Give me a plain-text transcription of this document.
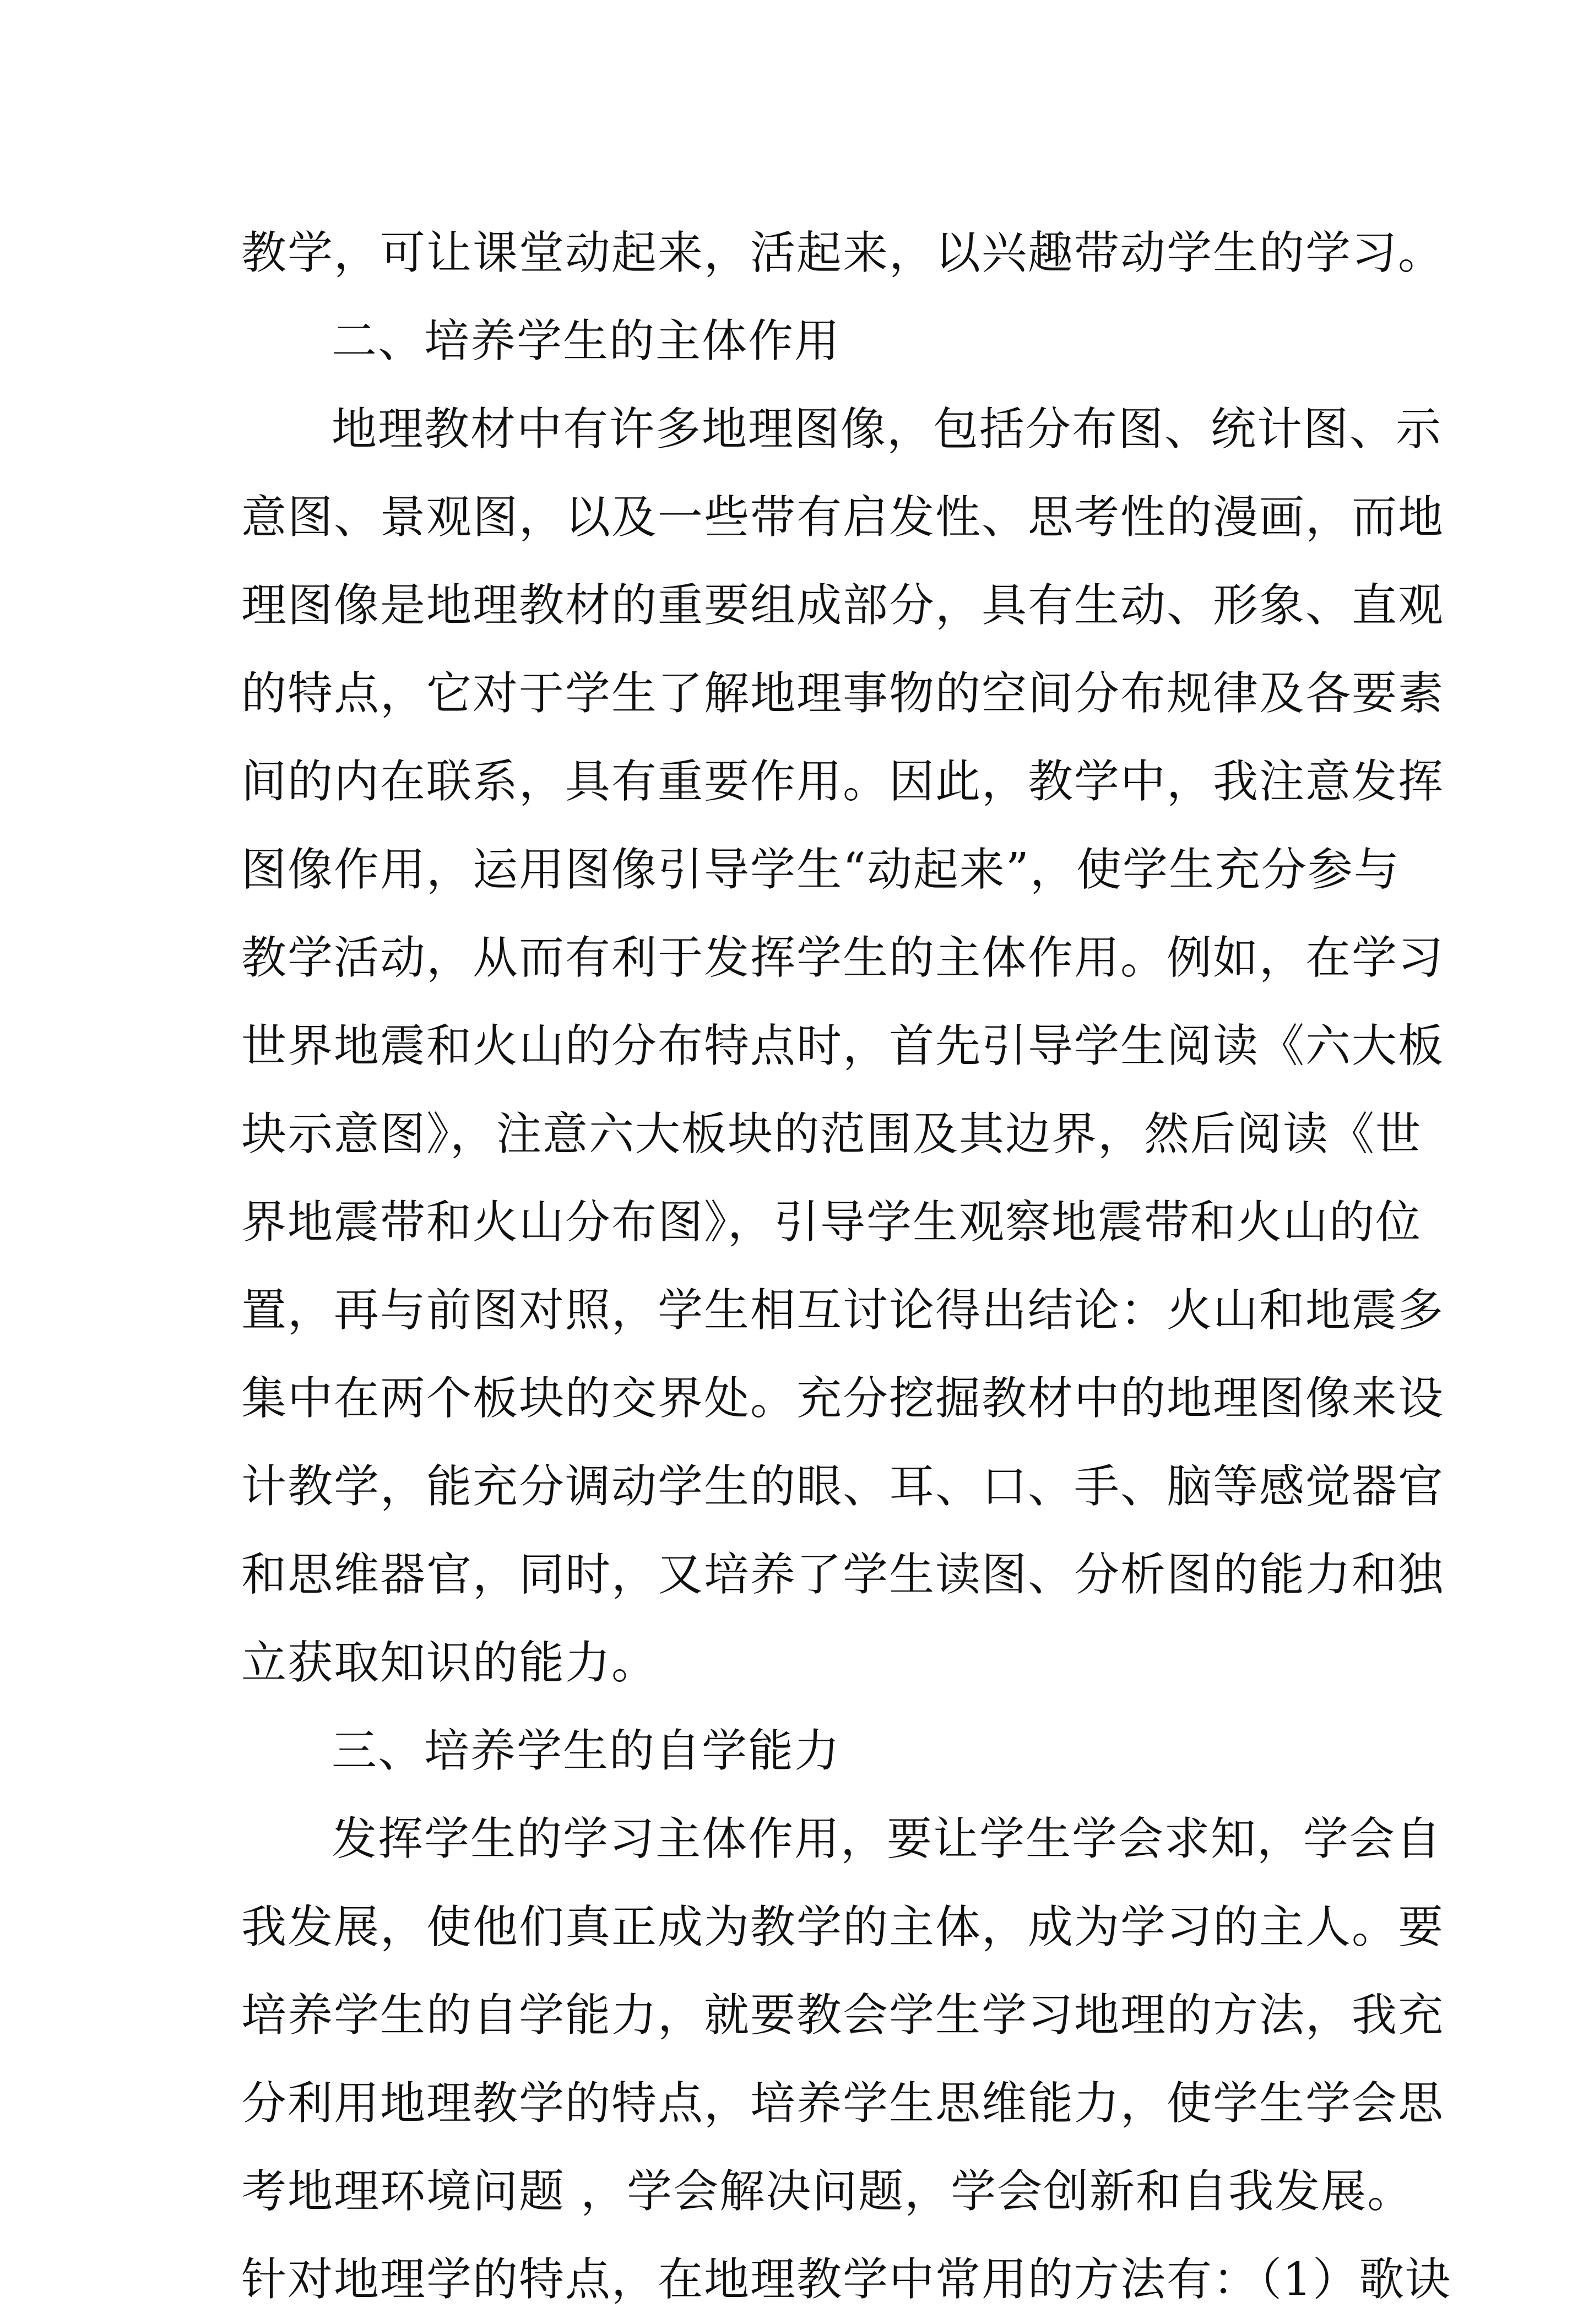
教学，可让课堂动起来，活起来，以兴趣带动学生的学习。
二、培养学生的主体作用
地理教材中有许多地理图像，包括分布图、统计图、示
意图、景观图，以及一些带有启发性、思考性的漫画，而地
理图像是地理教材的重要组成部分，具有生动、形象、直观
的特点，它对于学生了解地理事物的空间分布规律及各要素
间的内在联系，具有重要作用。因此，教学中，我注意发挥
图像作用，运用图像引导学生“动起来”，使学生充分参与
教学活动，从而有利于发挥学生的主体作用。例如，在学习
世界地震和火山的分布特点时，首先引导学生阅读《六大板
块示意图》，注意六大板块的范围及其边界，然后阅读《世
界地震带和火山分布图》，引导学生观察地震带和火山的位
置，再与前图对照，学生相互讨论得出结论：火山和地震多
集中在两个板块的交界处。充分挖掘教材中的地理图像来设
计教学，能充分调动学生的眼、耳、口、手、脑等感觉器官
和思维器官，同时，又培养了学生读图、分析图的能力和独
立获取知识的能力。
三、培养学生的自学能力
发挥学生的学习主体作用，要让学生学会求知，学会自
我发展，使他们真正成为教学的主体，成为学习的主人。要
培养学生的自学能力，就要教会学生学习地理的方法，我充
分利用地理教学的特点，培养学生思维能力，使学生学会思
考地理环境问题 ，学会解决问题，学会创新和自我发展。
针对地理学的特点，在地理教学中常用的方法有：（1）歌诀
